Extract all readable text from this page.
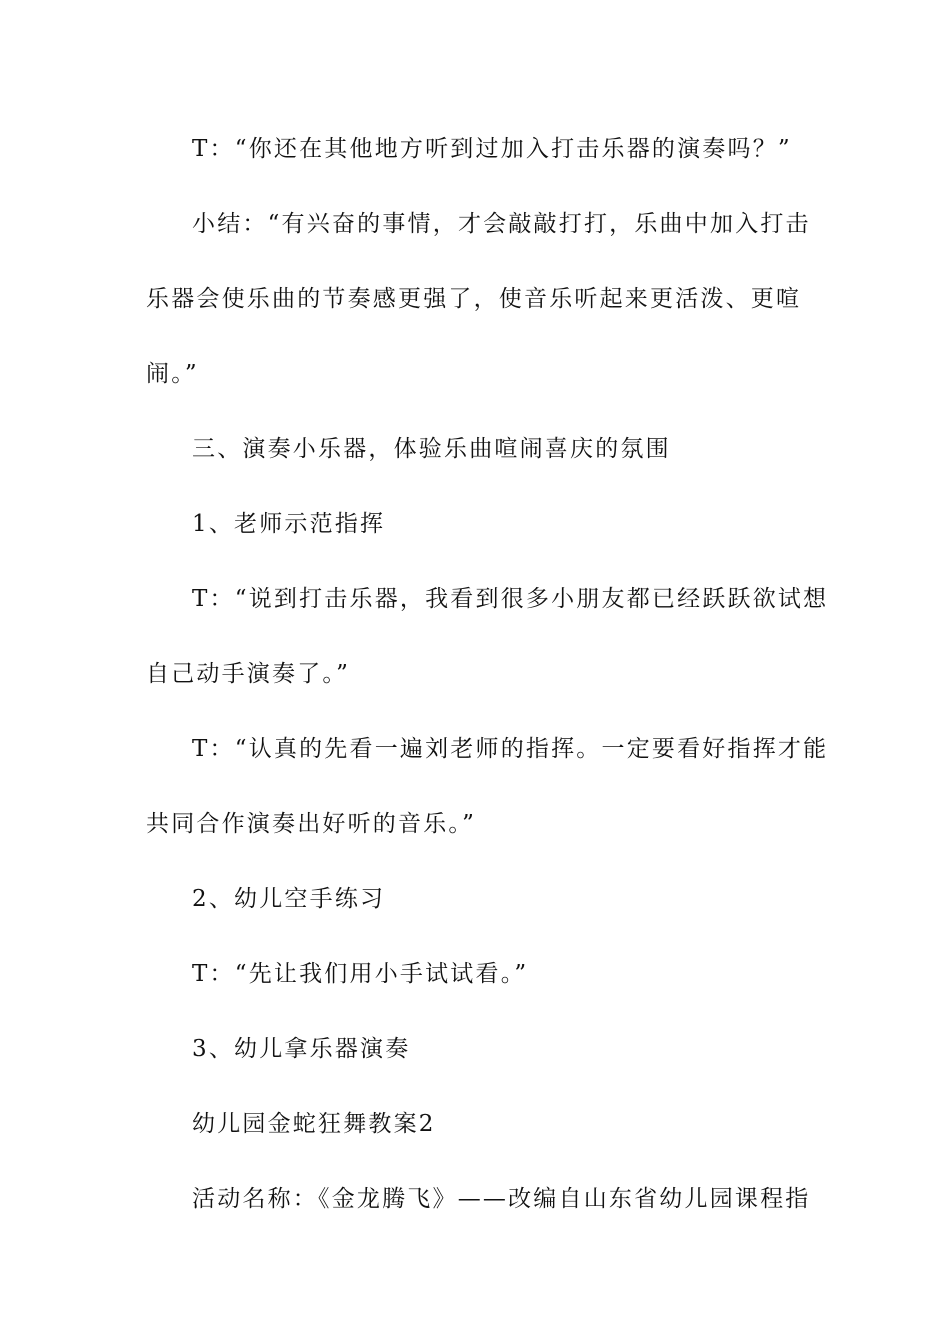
T：“你还在其他地方听到过加入打击乐器的演奏吗？”
小结：“有兴奋的事情，才会敲敲打打，乐曲中加入打击
乐器会使乐曲的节奏感更强了，使音乐听起来更活泼、更喧
闹。”
三、演奏小乐器，体验乐曲喧闹喜庆的氛围
1、老师示范指挥
T：“说到打击乐器，我看到很多小朋友都已经跃跃欲试想
自己动手演奏了。”
T：“认真的先看一遍刘老师的指挥。一定要看好指挥才能
共同合作演奏出好听的音乐。”
2、幼儿空手练习
T：“先让我们用小手试试看。”
3、幼儿拿乐器演奏
幼儿园金蛇狂舞教案2
活动名称：《金龙腾飞》——改编自山东省幼儿园课程指
